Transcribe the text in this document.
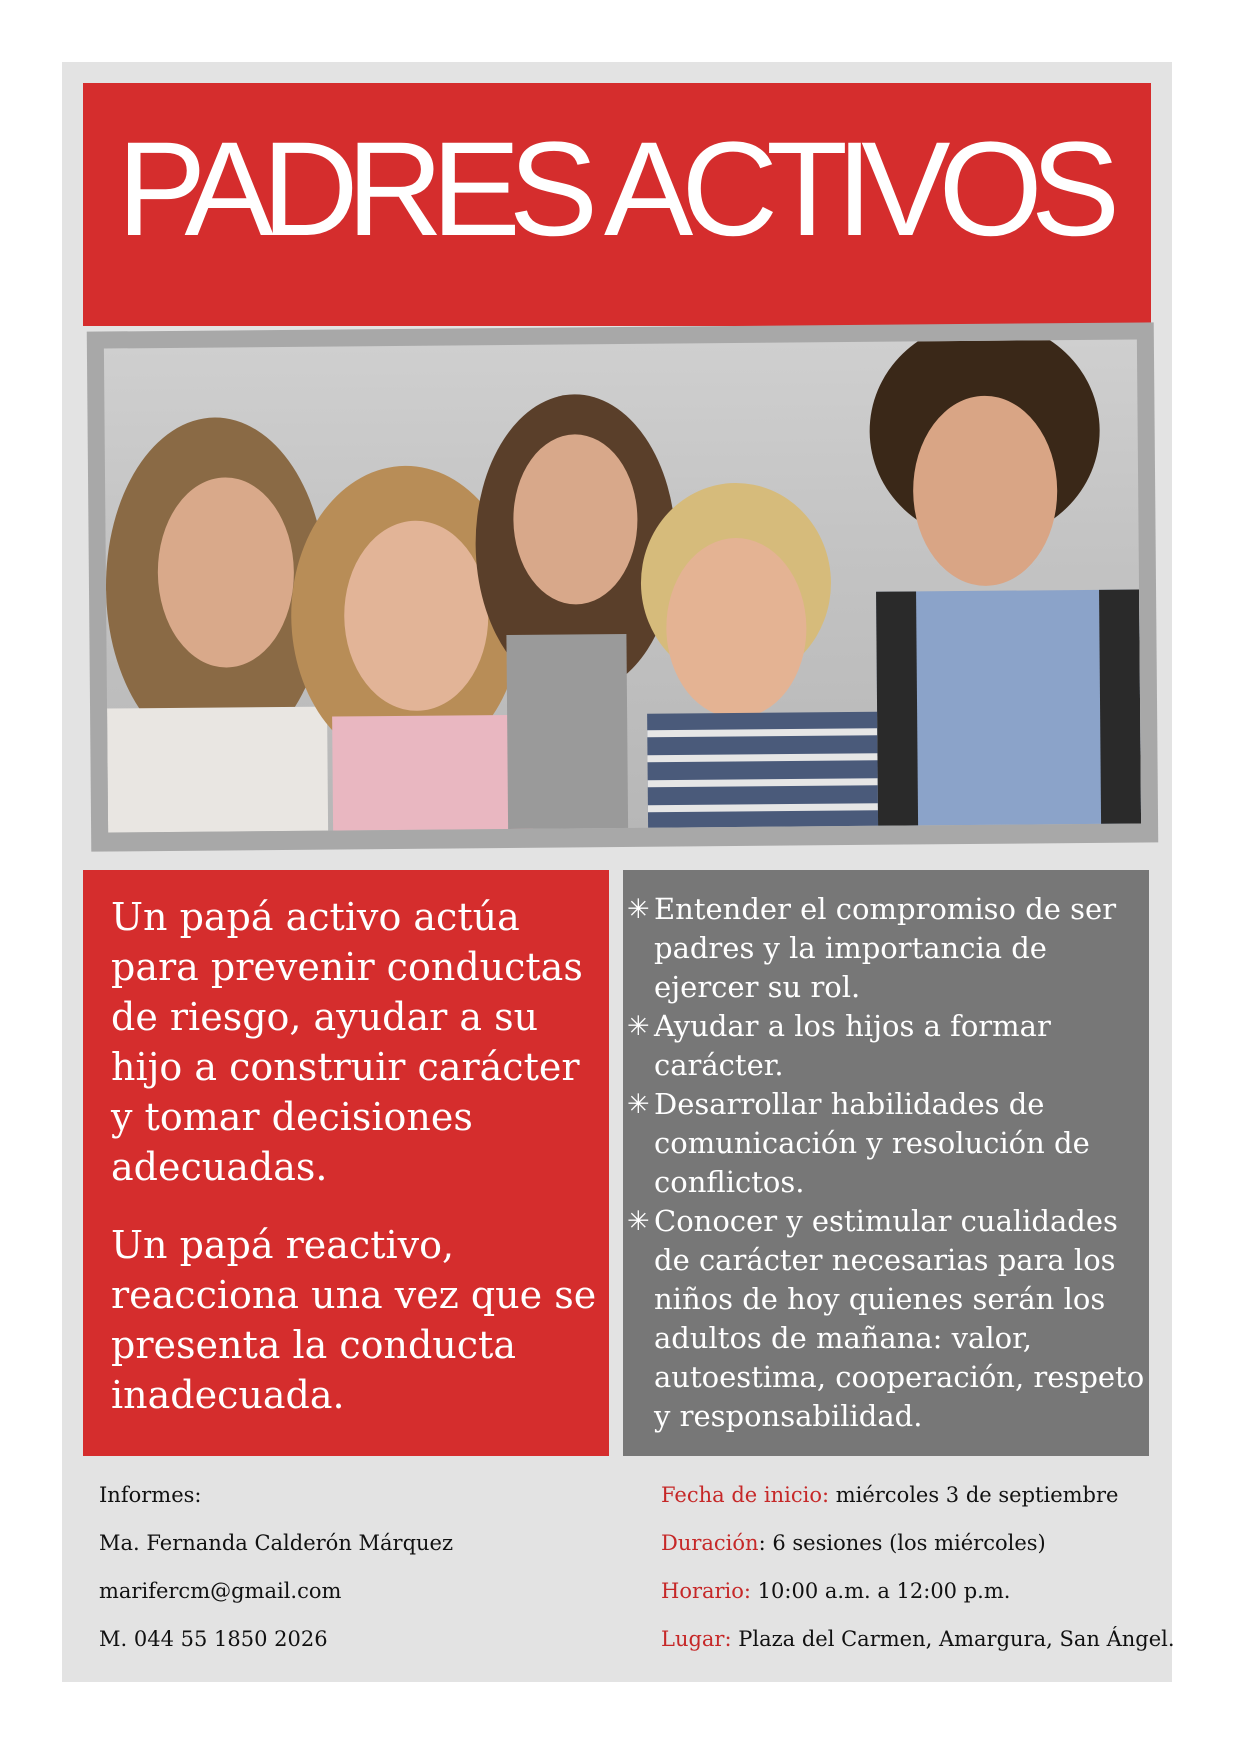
PADRES ACTIVOS

Un papá activo actúa para prevenir conductas de riesgo, ayudar a su hijo a construir carácter y tomar decisiones adecuadas.

Un papá reactivo, reacciona una vez que se presenta la conducta inadecuada.

✳ Entender el compromiso de ser padres y la importancia de ejercer su rol.
✳ Ayudar a los hijos a formar carácter.
✳ Desarrollar habilidades de comunicación y resolución de conflictos.
✳ Conocer y estimular cualidades de carácter necesarias para los niños de hoy quienes serán los adultos de mañana: valor, autoestima, cooperación, respeto y responsabilidad.
Informes:
Ma. Fernanda Calderón Márquez
marifercm@gmail.com
M. 044 55 1850 2026
Fecha de inicio: miércoles 3 de septiembre
Duración: 6 sesiones (los miércoles)
Horario: 10:00 a.m. a 12:00 p.m.
Lugar: Plaza del Carmen, Amargura, San Ángel.
